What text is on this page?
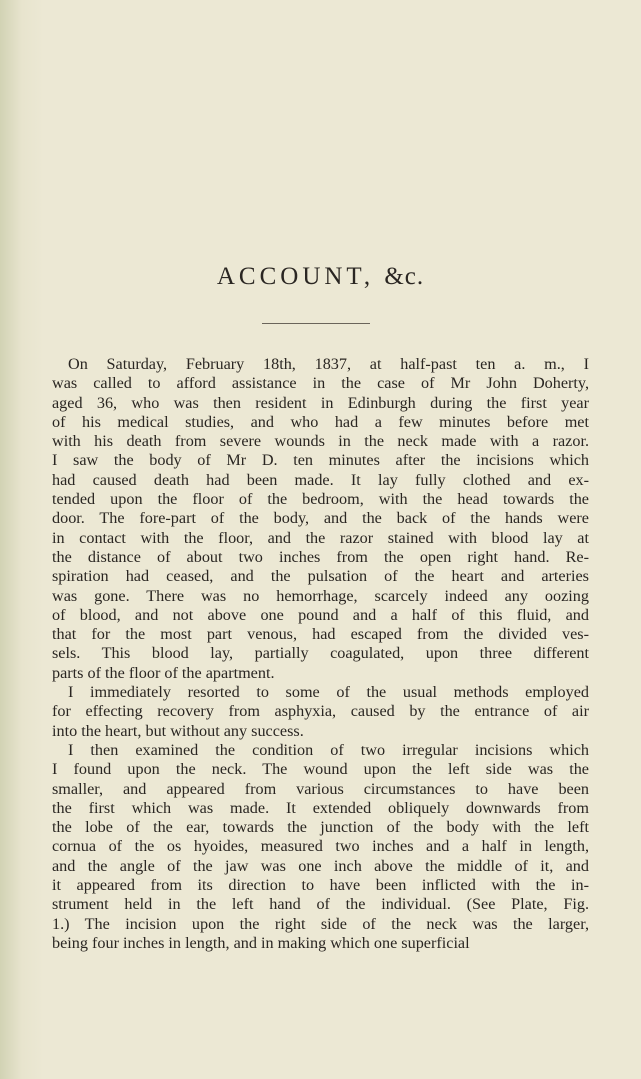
ACCOUNT, &c.
On Saturday, February 18th, 1837, at half-past ten a. m., I
was called to afford assistance in the case of Mr John Doherty,
aged 36, who was then resident in Edinburgh during the first year
of his medical studies, and who had a few minutes before met
with his death from severe wounds in the neck made with a razor.
I saw the body of Mr D. ten minutes after the incisions which
had caused death had been made. It lay fully clothed and ex-
tended upon the floor of the bedroom, with the head towards the
door. The fore-part of the body, and the back of the hands were
in contact with the floor, and the razor stained with blood lay at
the distance of about two inches from the open right hand. Re-
spiration had ceased, and the pulsation of the heart and arteries
was gone. There was no hemorrhage, scarcely indeed any oozing
of blood, and not above one pound and a half of this fluid, and
that for the most part venous, had escaped from the divided ves-
sels. This blood lay, partially coagulated, upon three different
parts of the floor of the apartment.
I immediately resorted to some of the usual methods employed
for effecting recovery from asphyxia, caused by the entrance of air
into the heart, but without any success.
I then examined the condition of two irregular incisions which
I found upon the neck. The wound upon the left side was the
smaller, and appeared from various circumstances to have been
the first which was made. It extended obliquely downwards from
the lobe of the ear, towards the junction of the body with the left
cornua of the os hyoides, measured two inches and a half in length,
and the angle of the jaw was one inch above the middle of it, and
it appeared from its direction to have been inflicted with the in-
strument held in the left hand of the individual. (See Plate, Fig.
1.) The incision upon the right side of the neck was the larger,
being four inches in length, and in making which one superficial
